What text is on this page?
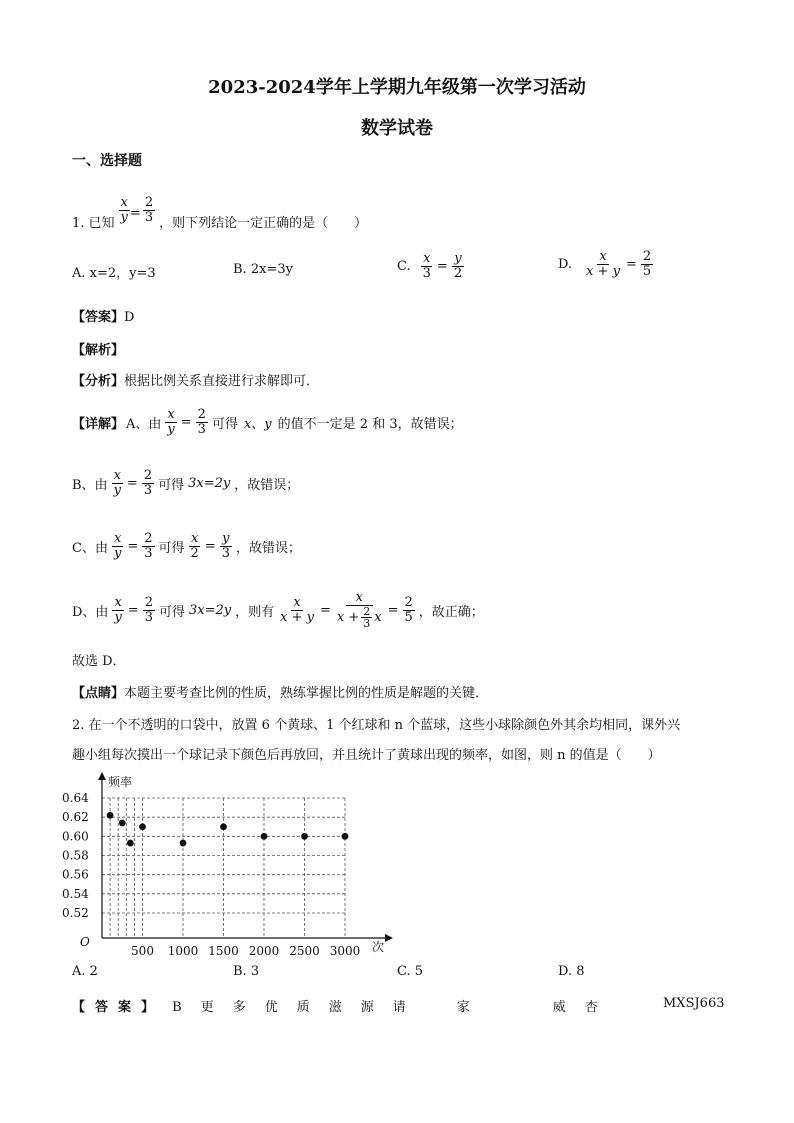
2023-2024学年上学期九年级第一次学习活动
数学试卷
一、选择题
1. 已知 $\frac{x}{y} = \frac{2}{3}$ ，则下列结论一定正确的是（　　）
A. x=2，y=3	B. 2x=3y	C. $\frac{x}{3} = \frac{y}{2}$	D. $\frac{x}{x + y} = \frac{2}{5}$
【答案】D
【解析】
【分析】根据比例关系直接进行求解即可．
【详解】 A、由 $\frac{x}{y} = \frac{2}{3}$ 可得 x、y 的值不一定是 2 和 3，故错误；
B、由 $\frac{x}{y} = \frac{2}{3}$ 可得 3x=2y ，故错误；
C、由 $\frac{x}{y} = \frac{2}{3}$ 可得 $\frac{x}{2} = \frac{y}{3}$ ，故错误；
D、由 $\frac{x}{y} = \frac{2}{3}$ 可得 3x=2y ，则有 $\frac{x}{x + y} = \frac{x}{x + \frac{2}{3} x} = \frac{2}{5}$ ，故正确；
故选 D．
【点睛】本题主要考查比例的性质，熟练掌握比例的性质是解题的关键．
2. 在一个不透明的口袋中，放置 6 个黄球、1 个红球和 n 个蓝球，这些小球除颜色外其余均相同，课外兴
趣小组每次摸出一个球记录下颜色后再放回，并且统计了黄球出现的频率，如图，则 n 的值是（　　）
O	次
频率
0.52
0.54
0.56
0.58
0.60
0.62
0.64
500 1000 1500 2000 2500 3000
A. 2	B. 3	C. 5	D. 8
【答案】 B　更　多　优　质　滋　源　请　　　家　　　　　威　杏	MXSJ663
